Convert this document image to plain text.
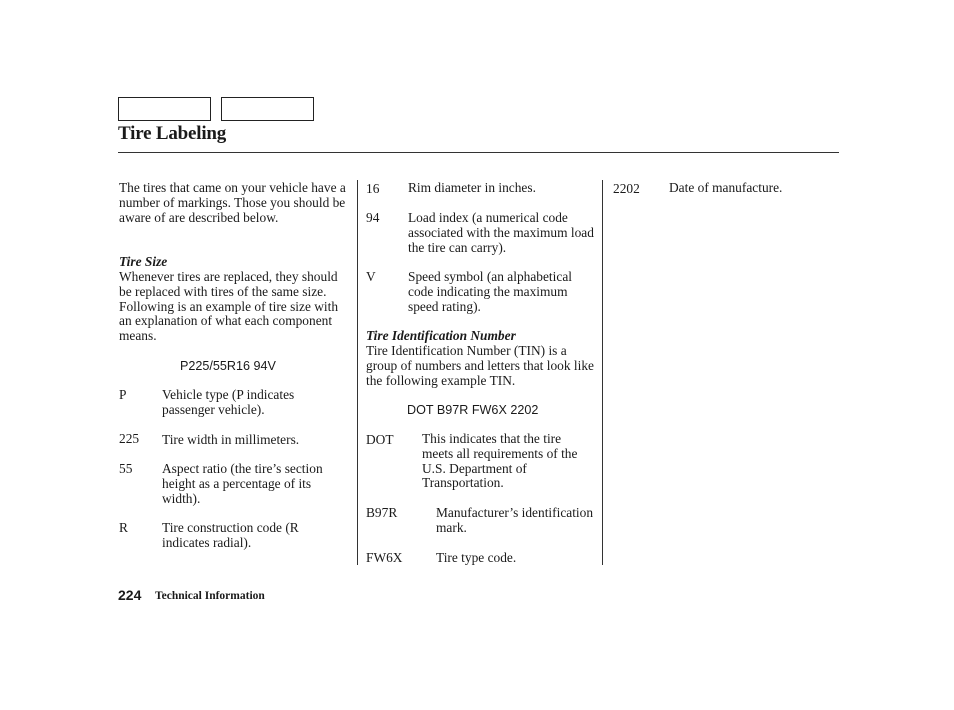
Tire Labeling
The tires that came on your vehicle have a number of markings. Those you should be aware of are described below.
Tire Size
Whenever tires are replaced, they should be replaced with tires of the same size. Following is an example of tire size with an explanation of what each component means.
P225/55R16 94V
P	Vehicle type (P indicates passenger vehicle).
225 Tire width in millimeters.
55 Aspect ratio (the tire’s section height as a percentage of its width).
R	Tire construction code (R indicates radial).
16 Rim diameter in inches.
94 Load index (a numerical code associated with the maximum load the tire can carry).
V Speed symbol (an alphabetical code indicating the maximum speed rating).
Tire Identification Number
Tire Identification Number (TIN) is a group of numbers and letters that look like the following example TIN.
DOT B97R FW6X 2202
DOT This indicates that the tire meets all requirements of the U.S. Department of Transportation.
B97R	Manufacturer’s identification mark.
FW6X	Tire type code.
2202 Date of manufacture.
224 Technical Information
